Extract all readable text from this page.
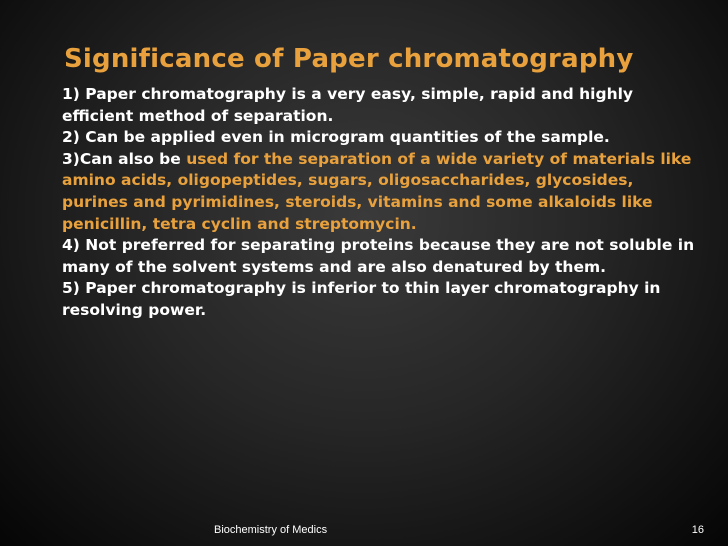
Significance of Paper chromatography
1) Paper chromatography is a very easy, simple, rapid and highly efficient method of separation.
2) Can be applied even in microgram quantities of the sample.
3)Can also be used for the separation of a wide variety of materials like amino acids, oligopeptides, sugars, oligosaccharides, glycosides, purines and pyrimidines, steroids, vitamins and some alkaloids like penicillin, tetra cyclin and streptomycin.
4) Not preferred for separating proteins because they are not soluble in many of the solvent systems and are also denatured by them.
5) Paper chromatography is inferior to thin layer chromatography in resolving power.
Biochemistry of Medics	16
